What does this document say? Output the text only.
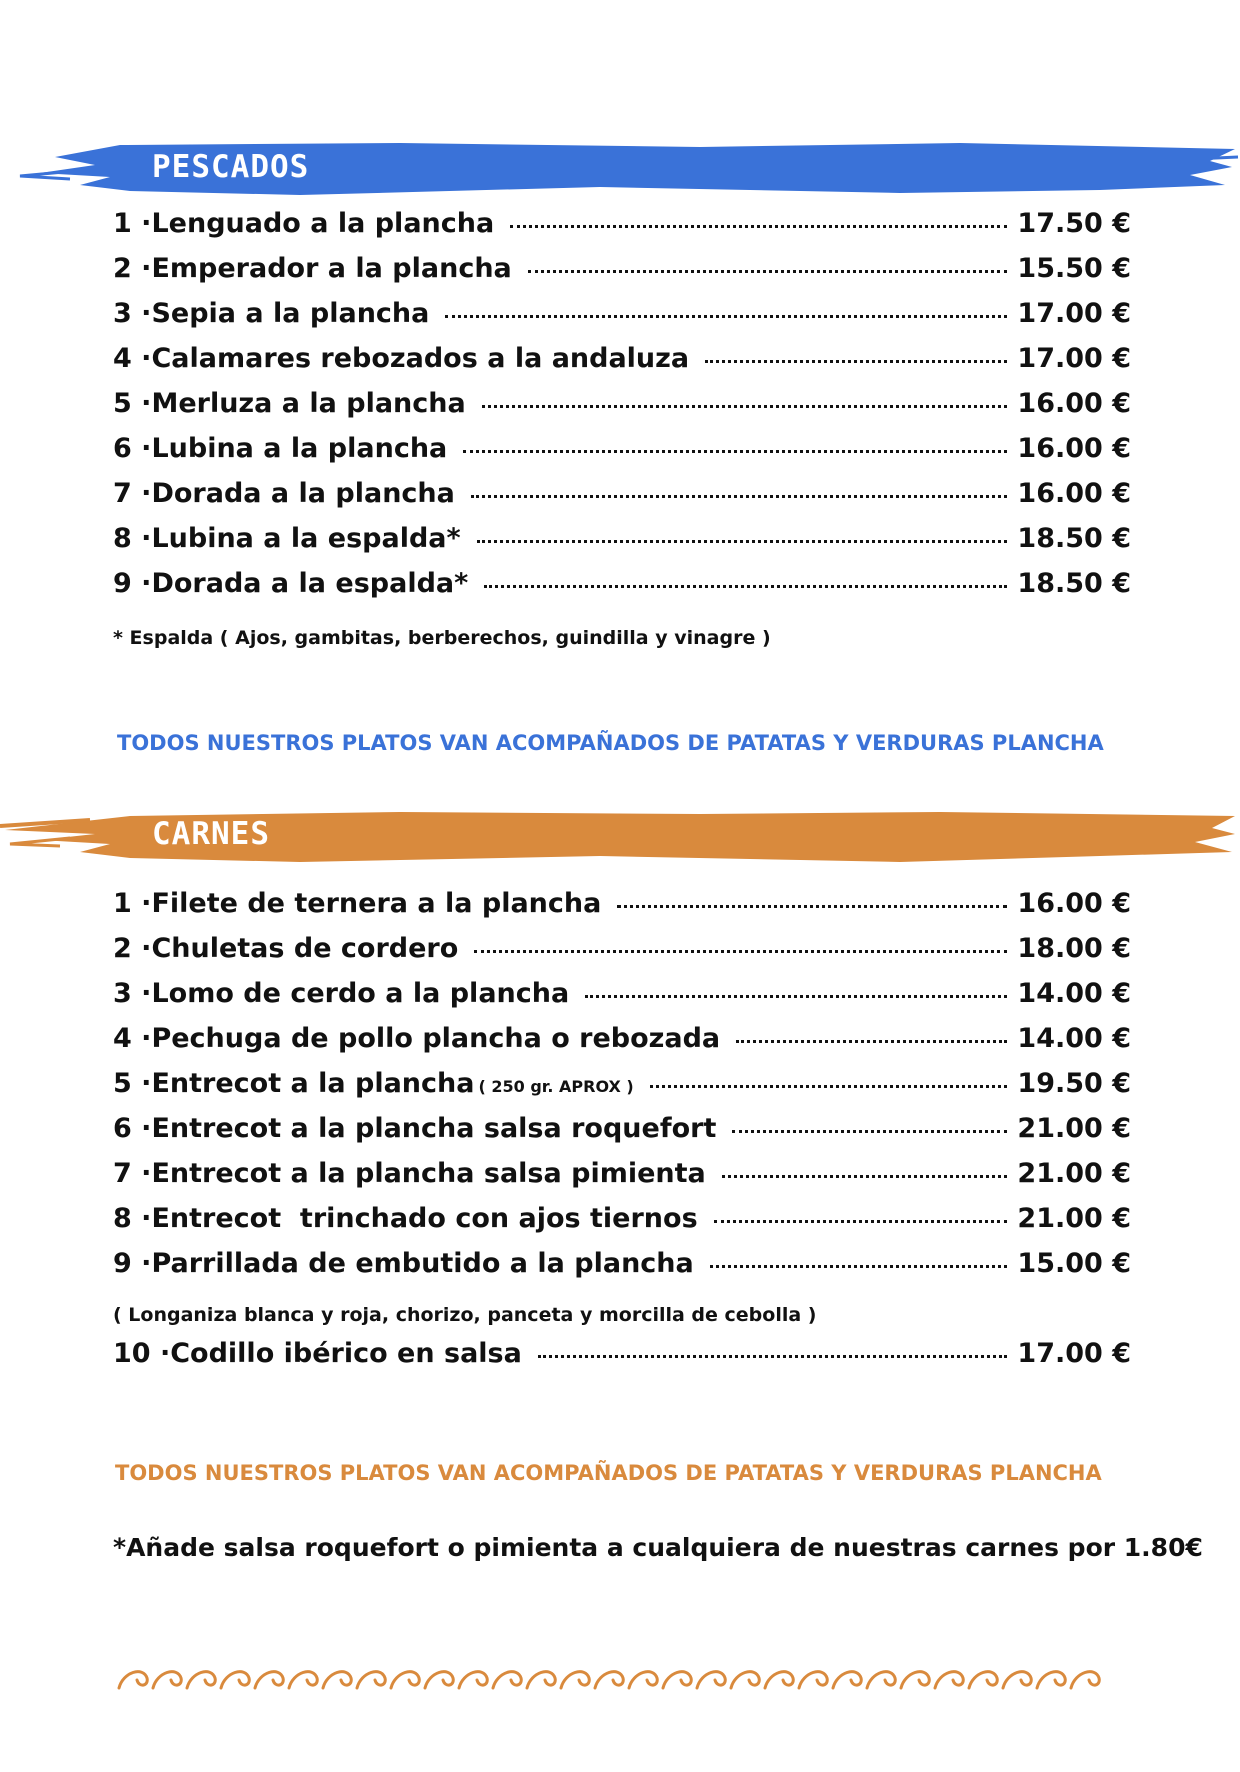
PESCADOS
1 · Lenguado a la plancha	17.50 €
2 · Emperador a la plancha	15.50 €
3 · Sepia a la plancha	17.00 €
4 · Calamares rebozados a la andaluza	17.00 €
5 · Merluza a la plancha	16.00 €
6 · Lubina a la plancha	16.00 €
7 · Dorada a la plancha	16.00 €
8 · Lubina a la espalda*	18.50 €
9 · Dorada a la espalda*	18.50 €
* Espalda ( Ajos, gambitas, berberechos, guindilla y vinagre )
TODOS NUESTROS PLATOS VAN ACOMPAÑADOS DE PATATAS Y VERDURAS PLANCHA
CARNES
1 · Filete de ternera a la plancha	16.00 €
2 · Chuletas de cordero	18.00 €
3 · Lomo de cerdo a la plancha	14.00 €
4 · Pechuga de pollo plancha o rebozada	14.00 €
5 · Entrecot a la plancha ( 250 gr. APROX )	19.50 €
6 · Entrecot a la plancha salsa roquefort	21.00 €
7 · Entrecot a la plancha salsa pimienta	21.00 €
8 · Entrecot  trinchado con ajos tiernos	21.00 €
9 · Parrillada de embutido a la plancha	15.00 €
( Longaniza blanca y roja, chorizo, panceta y morcilla de cebolla )
10 · Codillo ibérico en salsa	17.00 €
TODOS NUESTROS PLATOS VAN ACOMPAÑADOS DE PATATAS Y VERDURAS PLANCHA
*Añade salsa roquefort o pimienta a cualquiera de nuestras carnes por 1.80€
